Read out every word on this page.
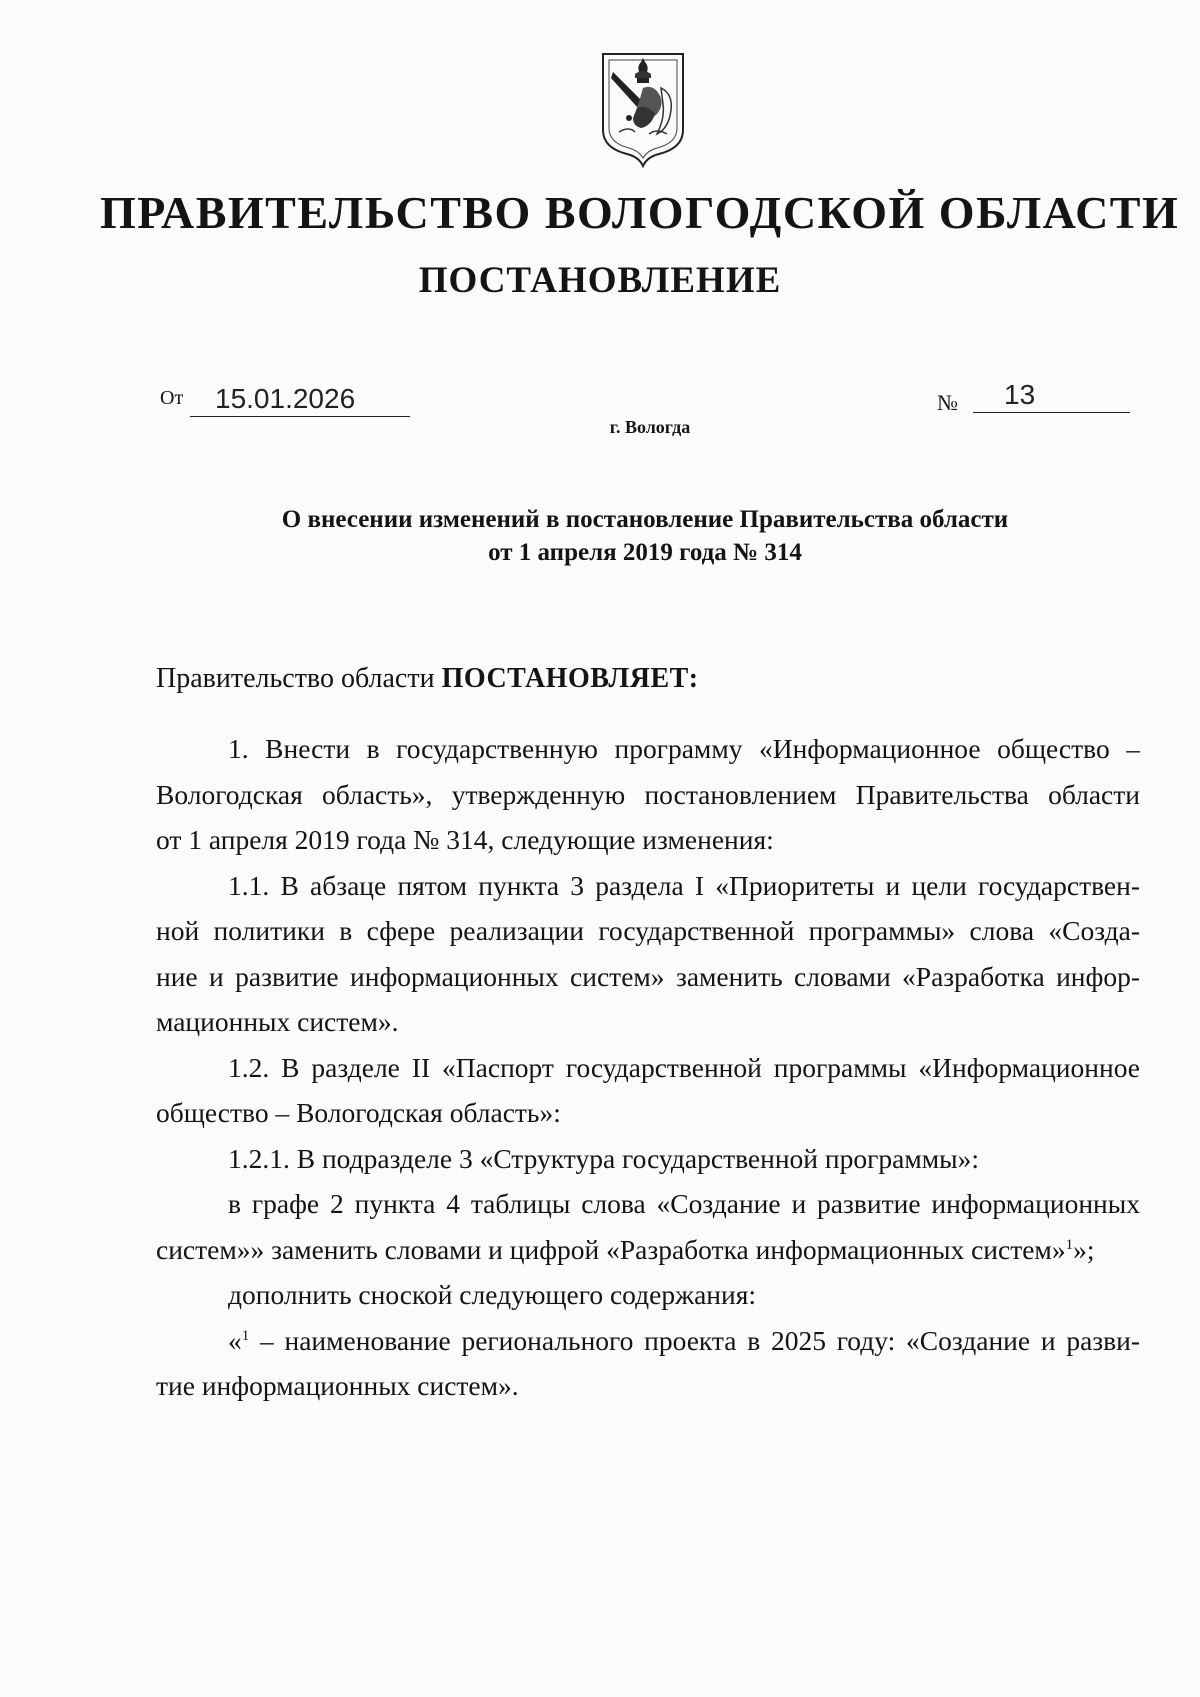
ПРАВИТЕЛЬСТВО ВОЛОГОДСКОЙ ОБЛАСТИ
ПОСТАНОВЛЕНИЕ
От 15.01.2026	№ 13
г. Вологда
О внесении изменений в постановление Правительства области
от 1 апреля 2019 года № 314
Правительство области ПОСТАНОВЛЯЕТ:
1. Внести в государственную программу «Информационное общество –
Вологодская область», утвержденную постановлением Правительства области
от 1 апреля 2019 года № 314, следующие изменения:
1.1. В абзаце пятом пункта 3 раздела I «Приоритеты и цели государствен-
ной политики в сфере реализации государственной программы» слова «Созда-
ние и развитие информационных систем» заменить словами «Разработка инфор-
мационных систем».
1.2. В разделе II «Паспорт государственной программы «Информационное
общество – Вологодская область»:
1.2.1. В подразделе 3 «Структура государственной программы»:
в графе 2 пункта 4 таблицы слова «Создание и развитие информационных
систем»» заменить словами и цифрой «Разработка информационных систем»$^1$»;
дополнить сноской следующего содержания:
«$^1$ – наименование регионального проекта в 2025 году: «Создание и разви-
тие информационных систем».
